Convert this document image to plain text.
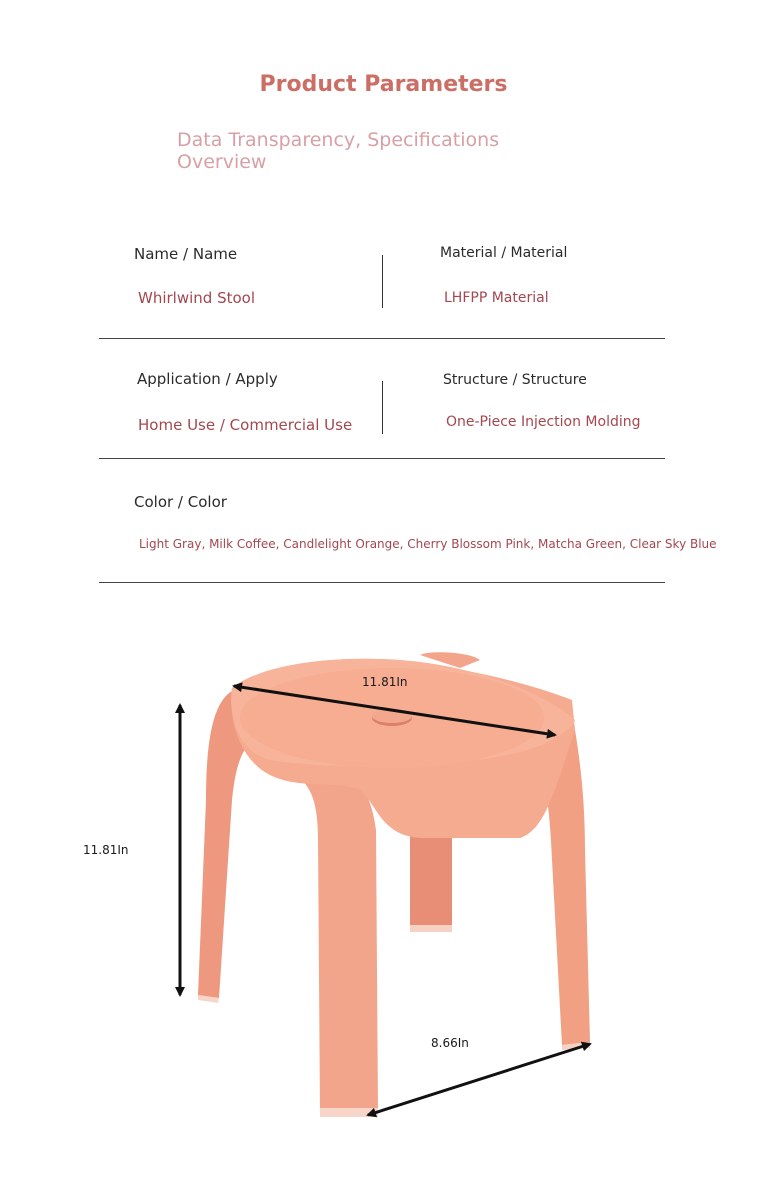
Product Parameters
Data Transparency, Specifications Overview
Name / Name
Whirlwind Stool
Material / Material
LHFPP Material
Application / Apply
Home Use / Commercial Use
Structure / Structure
One-Piece Injection Molding
Color / Color
Light Gray, Milk Coffee, Candlelight Orange, Cherry Blossom Pink, Matcha Green, Clear Sky Blue
11.81In
11.81In
8.66In
